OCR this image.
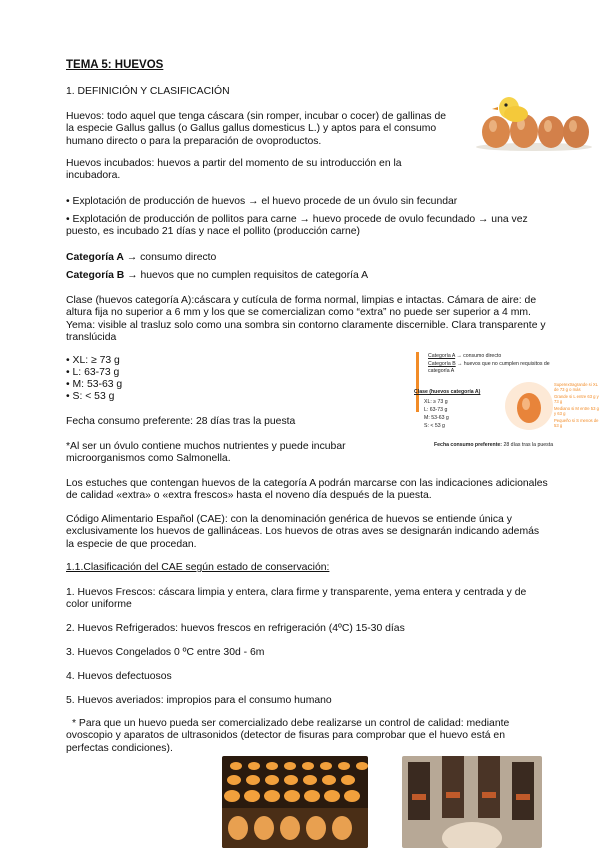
TEMA 5: HUEVOS
1. DEFINICIÓN Y CLASIFICACIÓN

Huevos: todo aquel que tenga cáscara (sin romper, incubar o cocer) de gallinas de la especie Gallus gallus (o Gallus gallus domesticus L.) y aptos para el consumo humano directo o para la preparación de ovoproductos.

Huevos incubados: huevos a partir del momento de su introducción en la incubadora.

• Explotación de producción de huevos → el huevo procede de un óvulo sin fecundar

• Explotación de producción de pollitos para carne → huevo procede de ovulo fecundado → una vez puesto, es incubado 21 días y nace el pollito (producción carne)

Categoría A → consumo directo

Categoría B → huevos que no cumplen requisitos de categoría A

Clase (huevos categoría A):cáscara y cutícula de forma normal, limpias e intactas. Cámara de aire: de altura fija no superior a 6 mm y los que se comercializan como “extra” no puede ser superior a 4 mm. Yema: visible al trasluz solo como una sombra sin contorno claramente discernible. Clara transparente y translúcida

• XL: ≥ 73 g

• L: 63-73 g

• M: 53-63 g

• S: < 53 g

Fecha consumo preferente: 28 días tras la puesta

*Al ser un óvulo contiene muchos nutrientes y puede incubar microorganismos como Salmonella.

Categoría A → consumo directo
Categoría B → huevos que no cumplen requisitos de categoría A
Clase (huevos categoría A)
XL: ≥ 73 g
L: 63-73 g
M: 53-63 g
S: < 53 g
Superextragrande si XL de 73 g o más
Grande si L entre 63 g y 73 g
Mediano si M entre 53 g y 63 g
Pequeño si S menos de 53 g
Fecha consumo preferente: 28 días tras la puesta

Los estuches que contengan huevos de la categoría A podrán marcarse con las indicaciones adicionales de calidad «extra» o «extra frescos» hasta el noveno día después de la puesta.

Código Alimentario Español (CAE): con la denominación genérica de huevos se entiende única y exclusivamente los huevos de gallináceas. Los huevos de otras aves se designarán indicando además la especie de que procedan.

1.1.Clasificación del CAE según estado de conservación:

1. Huevos Frescos: cáscara limpia y entera, clara firme y transparente, yema entera y centrada y de color uniforme

2. Huevos Refrigerados: huevos frescos en refrigeración (4ºC) 15-30 días

3. Huevos Congelados 0 ºC entre 30d - 6m

4. Huevos defectuosos

5. Huevos averiados: impropios para el consumo humano

* Para que un huevo pueda ser comercializado debe realizarse un control de calidad: mediante ovoscopio y aparatos de ultrasonidos (detector de fisuras para comprobar que el huevo está en perfectas condiciones).
